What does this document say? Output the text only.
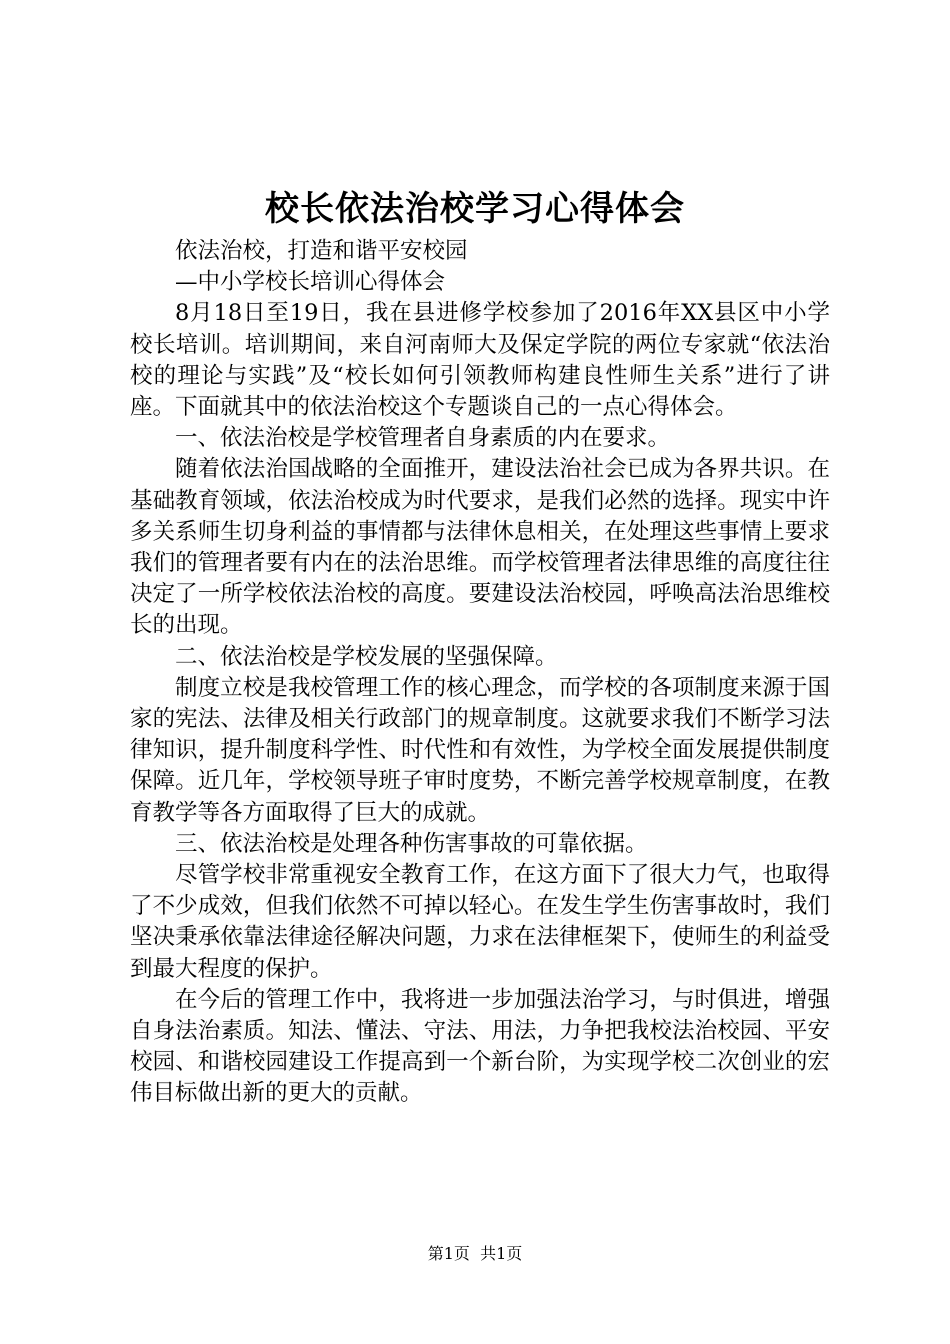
校长依法治校学习心得体会

依法治校，打造和谐平安校园

—中小学校长培训心得体会

8月18日至19日，我在县进修学校参加了2016年XX县区中小学校长培训。培训期间，来自河南师大及保定学院的两位专家就“依法治校的理论与实践”及“校长如何引领教师构建良性师生关系”进行了讲座。下面就其中的依法治校这个专题谈自己的一点心得体会。

一、依法治校是学校管理者自身素质的内在要求。

随着依法治国战略的全面推开，建设法治社会已成为各界共识。在基础教育领域，依法治校成为时代要求，是我们必然的选择。现实中许多关系师生切身利益的事情都与法律休息相关，在处理这些事情上要求我们的管理者要有内在的法治思维。而学校管理者法律思维的高度往往决定了一所学校依法治校的高度。要建设法治校园，呼唤高法治思维校长的出现。

二、依法治校是学校发展的坚强保障。

制度立校是我校管理工作的核心理念，而学校的各项制度来源于国家的宪法、法律及相关行政部门的规章制度。这就要求我们不断学习法律知识，提升制度科学性、时代性和有效性，为学校全面发展提供制度保障。近几年，学校领导班子审时度势，不断完善学校规章制度，在教育教学等各方面取得了巨大的成就。

三、依法治校是处理各种伤害事故的可靠依据。

尽管学校非常重视安全教育工作，在这方面下了很大力气，也取得了不少成效，但我们依然不可掉以轻心。在发生学生伤害事故时，我们坚决秉承依靠法律途径解决问题，力求在法律框架下，使师生的利益受到最大程度的保护。

在今后的管理工作中，我将进一步加强法治学习，与时俱进，增强自身法治素质。知法、懂法、守法、用法，力争把我校法治校园、平安校园、和谐校园建设工作提高到一个新台阶，为实现学校二次创业的宏伟目标做出新的更大的贡献。

第1页  共1页
